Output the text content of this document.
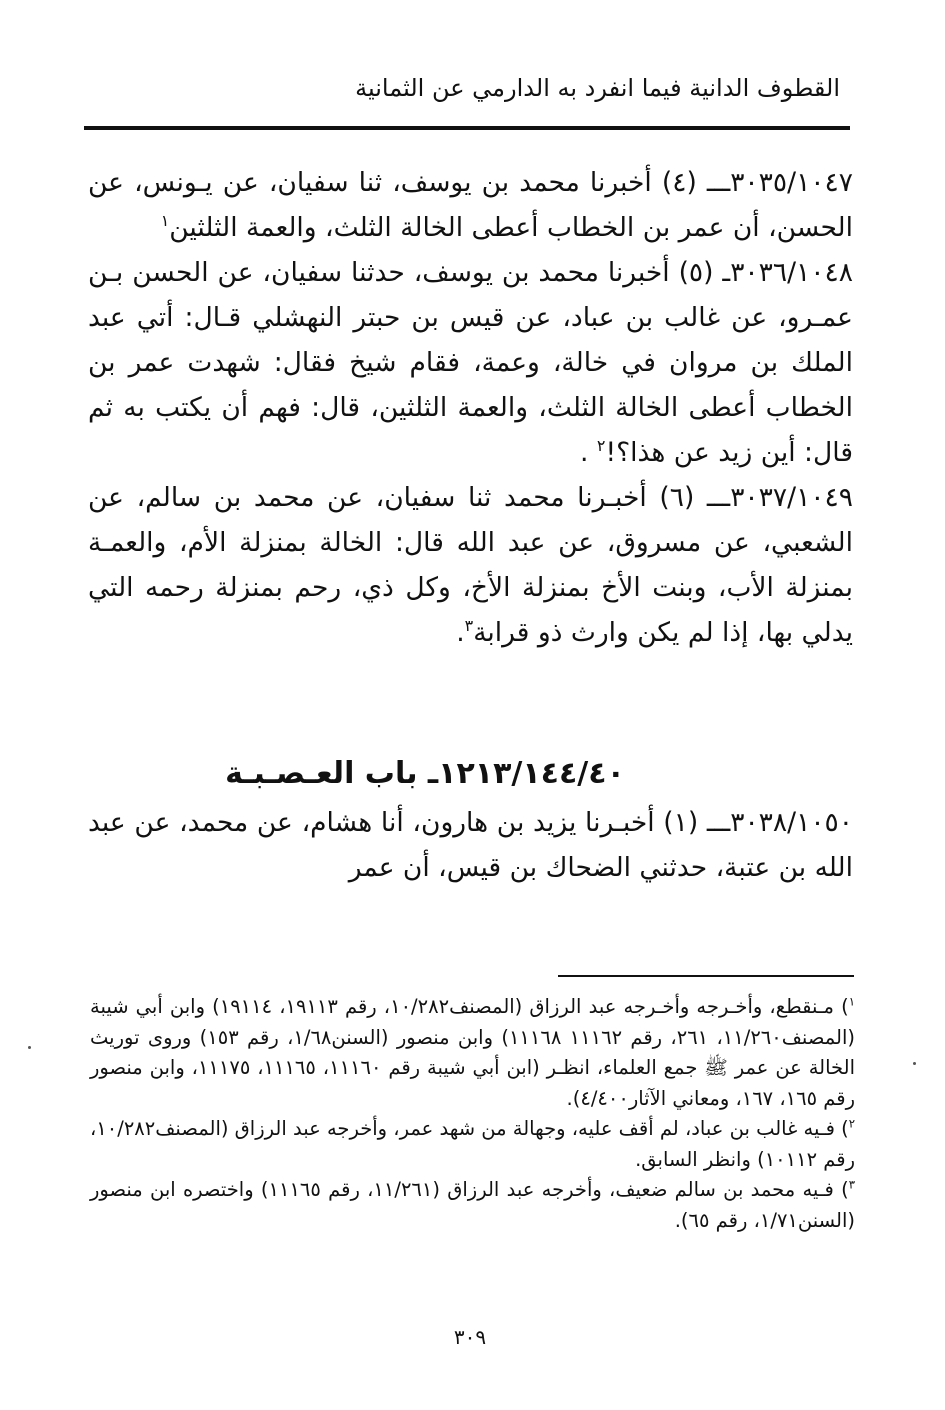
القطوف الدانية فيما انفرد به الدارمي عن الثمانية

٣٠٣٥/١٠٤٧ـــ (٤) أخبرنا محمد بن يوسف، ثنا سفيان، عن يـونس، عن الحسن، أن عمر بن الخطاب أعطى الخالة الثلث، والعمة الثلثين$^١$

٣٠٣٦/١٠٤٨ـ (٥) أخبرنا محمد بن يوسف، حدثنا سفيان، عن الحسن بـن عمـرو، عن غالب بن عباد، عن قيس بن حبتر النهشلي قـال: أتي عبد الملك بن مروان في خالة، وعمة، فقام شيخ فقال: شهدت عمر بن الخطاب أعطى الخالة الثلث، والعمة الثلثين، قال: فهم أن يكتب به ثم قال: أين زيد عن هذا؟!$^٢$ .

٣٠٣٧/١٠٤٩ـــ (٦) أخبـرنا محمد ثنا سفيان، عن محمد بن سالم، عن الشعبي، عن مسروق، عن عبد الله قال: الخالة بمنزلة الأم، والعمـة بمنزلة الأب، وبنت الأخ بمنزلة الأخ، وكل ذي، رحم بمنزلة رحمه التي يدلي بها، إذا لم يكن وارث ذو قرابة$^٣$.

١٢١٣/١٤٤/٤٠ـ باب العـصـبـة

٣٠٣٨/١٠٥٠ـــ (١) أخبـرنا يزيد بن هارون، أنا هشام، عن محمد، عن عبد الله بن عتبة، حدثني الضحاك بن قيس، أن عمر

$^١$) مـنقطع، وأخـرجه وأخـرجه عبد الرزاق (المصنف١٠/٢٨٢، رقم ١٩١١٣، ١٩١١٤) وابن أبي شيبة (المصنف١١/٢٦٠، ٢٦١، رقم ١١١٦٢ ١١١٦٨) وابن منصور (السنن١/٦٨، رقم ١٥٣) وروى توريث الخالة عن عمر ﷺ جمع العلماء، انظـر (ابن أبي شيبة رقم ١١١٦٠، ١١١٦٥، ١١١٧٥، وابن منصور رقم ١٦٥، ١٦٧، ومعاني الآثار٤/٤٠٠).

$^٢$) فـيه غالب بن عباد، لم أقف عليه، وجهالة من شهد عمر، وأخرجه عبد الرزاق (المصنف١٠/٢٨٢، رقم ١٠١١٢) وانظر السابق.

$^٣$) فـيه محمد بن سالم ضعيف، وأخرجه عبد الرزاق (١١/٢٦١، رقم ١١١٦٥) واختصره ابن منصور (السنن١/٧١، رقم ٦٥).

٣٠٩
